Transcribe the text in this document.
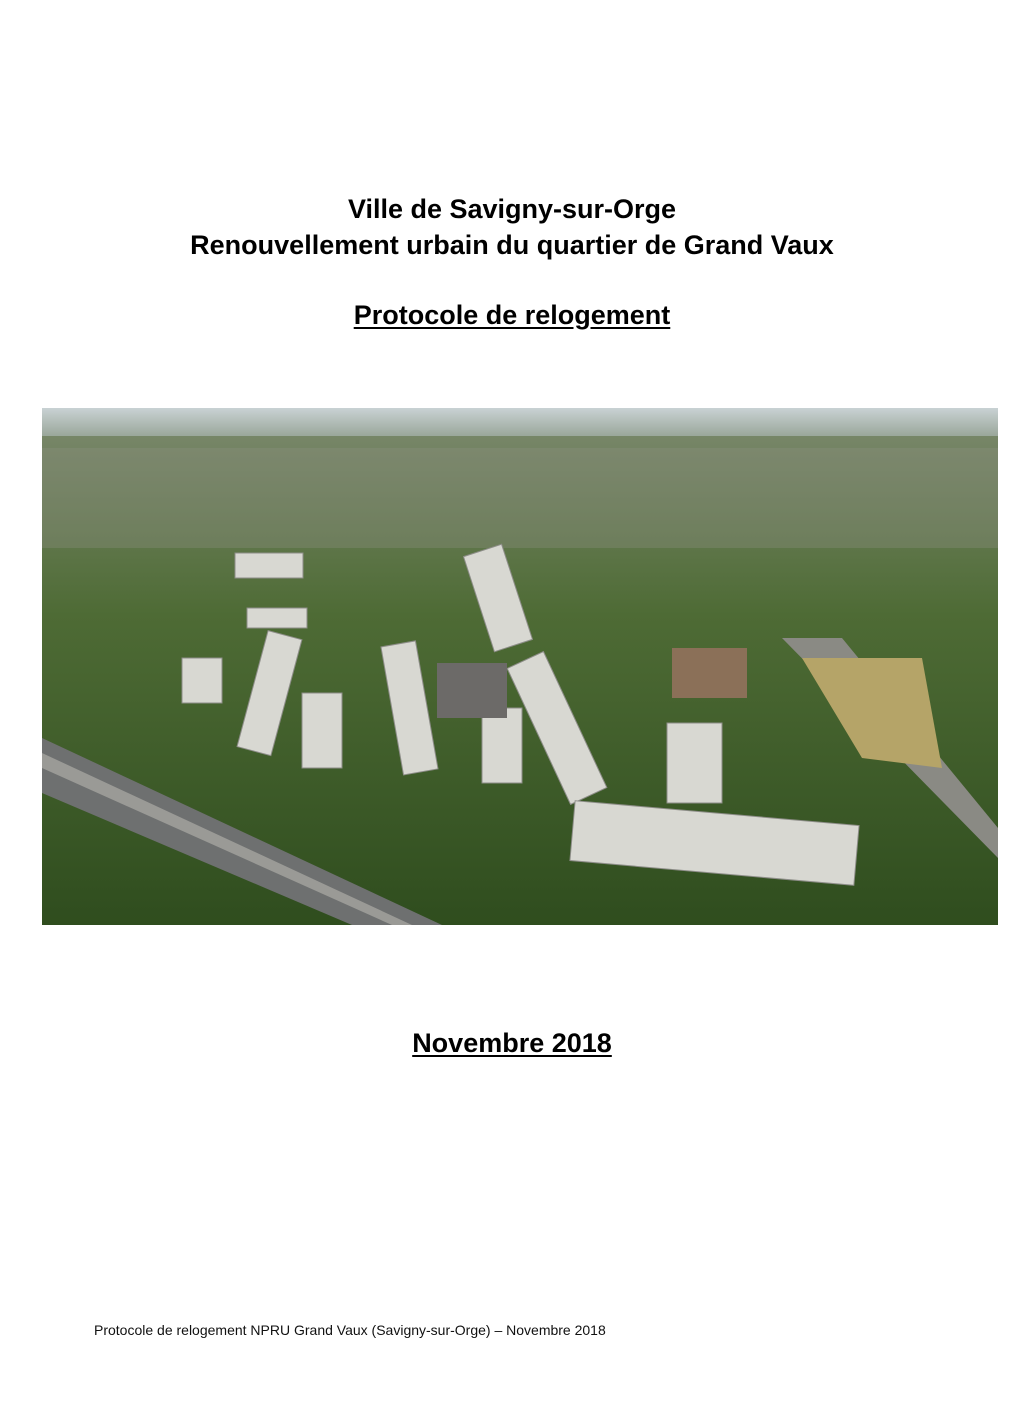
Ville de Savigny-sur-Orge
Renouvellement urbain du quartier de Grand Vaux
Protocole de relogement
Novembre 2018
Protocole de relogement NPRU Grand Vaux (Savigny-sur-Orge) – Novembre 2018
